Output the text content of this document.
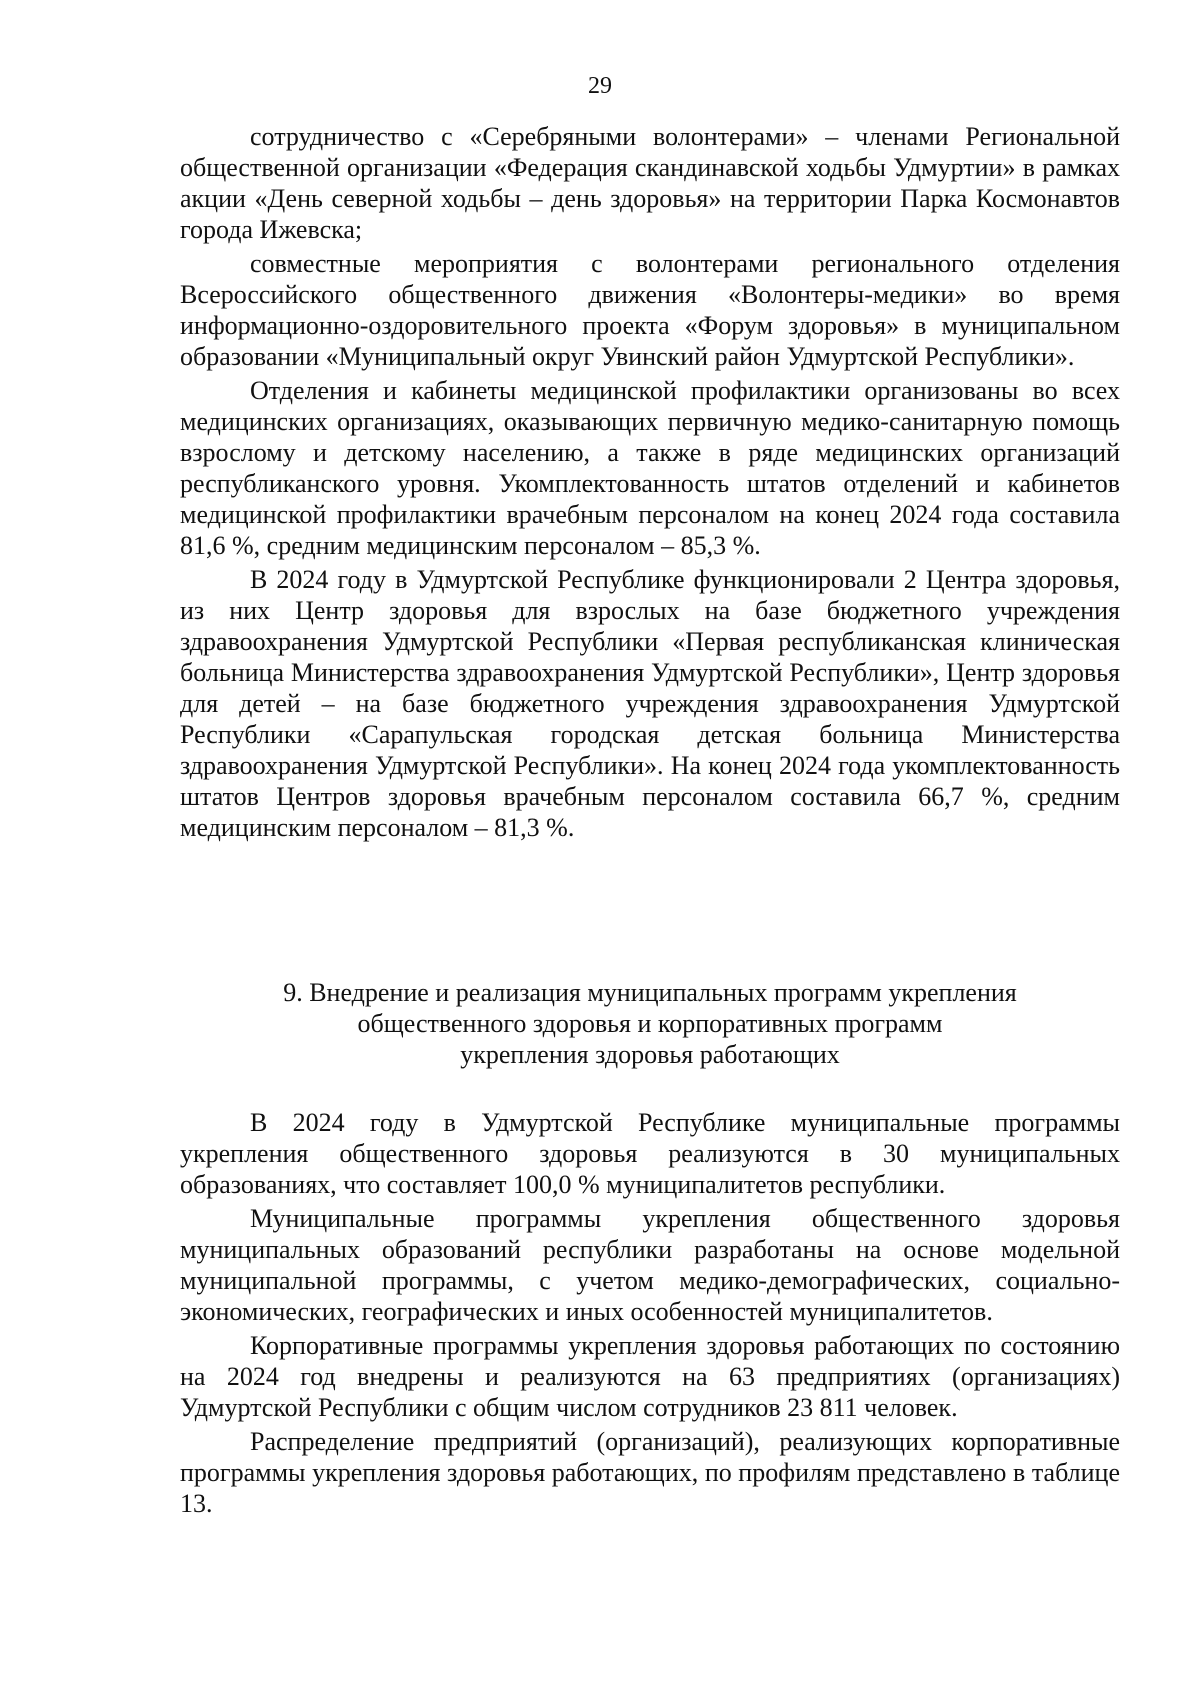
29

сотрудничество с «Серебряными волонтерами» – членами Региональной общественной организации «Федерация скандинавской ходьбы Удмуртии» в рамках акции «День северной ходьбы – день здоровья» на территории Парка Космонавтов города Ижевска;

совместные мероприятия с волонтерами регионального отделения Всероссийского общественного движения «Волонтеры-медики» во время информационно-оздоровительного проекта «Форум здоровья» в муниципальном образовании «Муниципальный округ Увинский район Удмуртской Республики».

Отделения и кабинеты медицинской профилактики организованы во всех медицинских организациях, оказывающих первичную медико-санитарную помощь взрослому и детскому населению, а также в ряде медицинских организаций республиканского уровня. Укомплектованность штатов отделений и кабинетов медицинской профилактики врачебным персоналом на конец 2024 года составила 81,6 %, средним медицинским персоналом – 85,3 %.

В 2024 году в Удмуртской Республике функционировали 2 Центра здоровья, из них Центр здоровья для взрослых на базе бюджетного учреждения здравоохранения Удмуртской Республики «Первая республиканская клиническая больница Министерства здравоохранения Удмуртской Республики», Центр здоровья для детей – на базе бюджетного учреждения здравоохранения Удмуртской Республики «Сарапульская городская детская больница Министерства здравоохранения Удмуртской Республики». На конец 2024 года укомплектованность штатов Центров здоровья врачебным персоналом составила 66,7 %, средним медицинским персоналом – 81,3 %.

9. Внедрение и реализация муниципальных программ укрепления
общественного здоровья и корпоративных программ
укрепления здоровья работающих

В 2024 году в Удмуртской Республике муниципальные программы укрепления общественного здоровья реализуются в 30 муниципальных образованиях, что составляет 100,0 % муниципалитетов республики.

Муниципальные программы укрепления общественного здоровья муниципальных образований республики разработаны на основе модельной муниципальной программы, с учетом медико-демографических, социально-экономических, географических и иных особенностей муниципалитетов.

Корпоративные программы укрепления здоровья работающих по состоянию на 2024 год внедрены и реализуются на 63 предприятиях (организациях) Удмуртской Республики с общим числом сотрудников 23 811 человек.

Распределение предприятий (организаций), реализующих корпоративные программы укрепления здоровья работающих, по профилям представлено в таблице 13.
